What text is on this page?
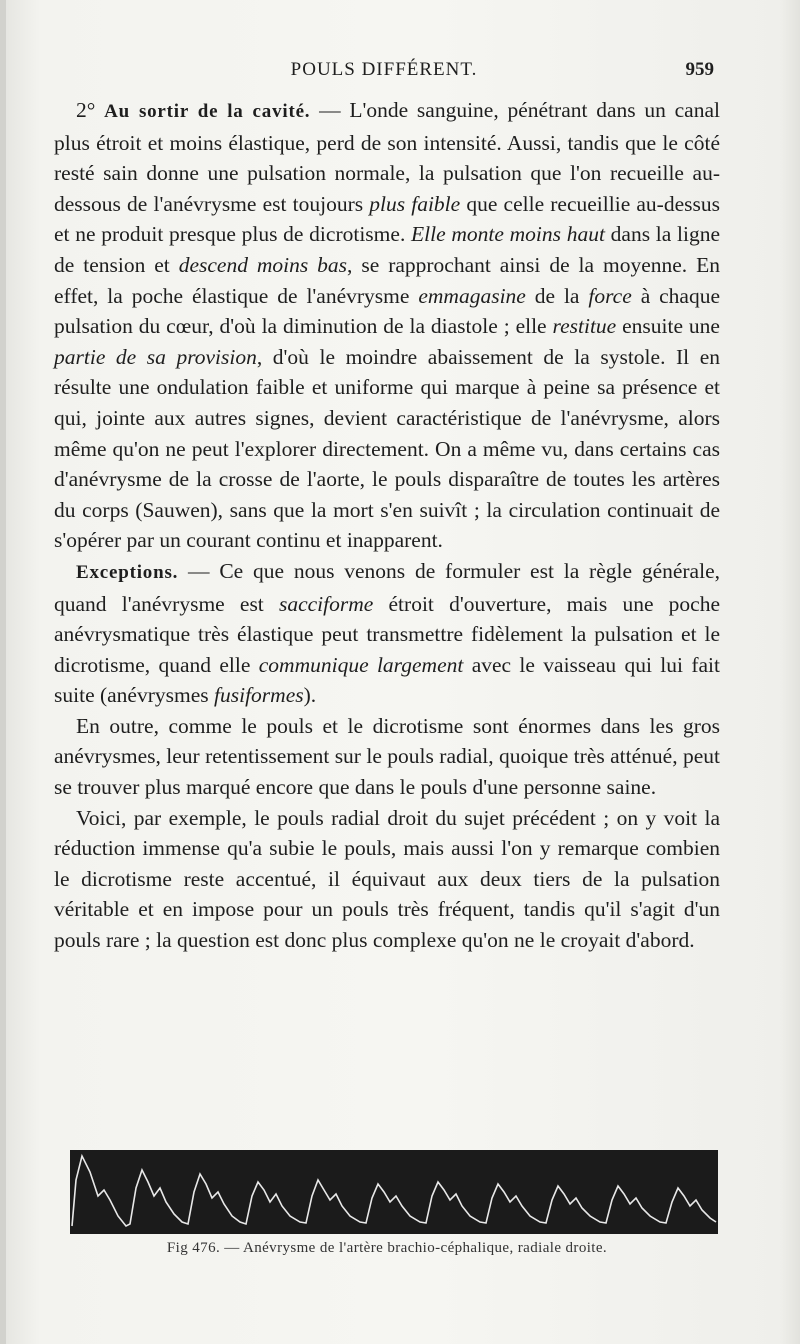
POULS DIFFÉRENT.	959

2° Au sortir de la cavité. — L'onde sanguine, pénétrant dans un canal plus étroit et moins élastique, perd de son intensité. Aussi, tandis que le côté resté sain donne une pulsation normale, la pulsation que l'on recueille au-dessous de l'anévrysme est toujours plus faible que celle recueillie au-dessus et ne produit presque plus de dicrotisme. Elle monte moins haut dans la ligne de tension et descend moins bas, se rapprochant ainsi de la moyenne. En effet, la poche élastique de l'anévrysme emmagasine de la force à chaque pulsation du cœur, d'où la diminution de la diastole ; elle restitue ensuite une partie de sa provision, d'où le moindre abaissement de la systole. Il en résulte une ondulation faible et uniforme qui marque à peine sa présence et qui, jointe aux autres signes, devient caractéristique de l'anévrysme, alors même qu'on ne peut l'explorer directement. On a même vu, dans certains cas d'anévrysme de la crosse de l'aorte, le pouls disparaître de toutes les artères du corps (Sauwen), sans que la mort s'en suivît ; la circulation continuait de s'opérer par un courant continu et inapparent.

Exceptions. — Ce que nous venons de formuler est la règle générale, quand l'anévrysme est sacciforme étroit d'ouverture, mais une poche anévrysmatique très élastique peut transmettre fidèlement la pulsation et le dicrotisme, quand elle communique largement avec le vaisseau qui lui fait suite (anévrysmes fusiformes).

En outre, comme le pouls et le dicrotisme sont énormes dans les gros anévrysmes, leur retentissement sur le pouls radial, quoique très atténué, peut se trouver plus marqué encore que dans le pouls d'une personne saine.

Voici, par exemple, le pouls radial droit du sujet précédent ; on y voit la réduction immense qu'a subie le pouls, mais aussi l'on y remarque combien le dicrotisme reste accentué, il équivaut aux deux tiers de la pulsation véritable et en impose pour un pouls très fréquent, tandis qu'il s'agit d'un pouls rare ; la question est donc plus complexe qu'on ne le croyait d'abord.

Fig 476. — Anévrysme de l'artère brachio-céphalique, radiale droite.
